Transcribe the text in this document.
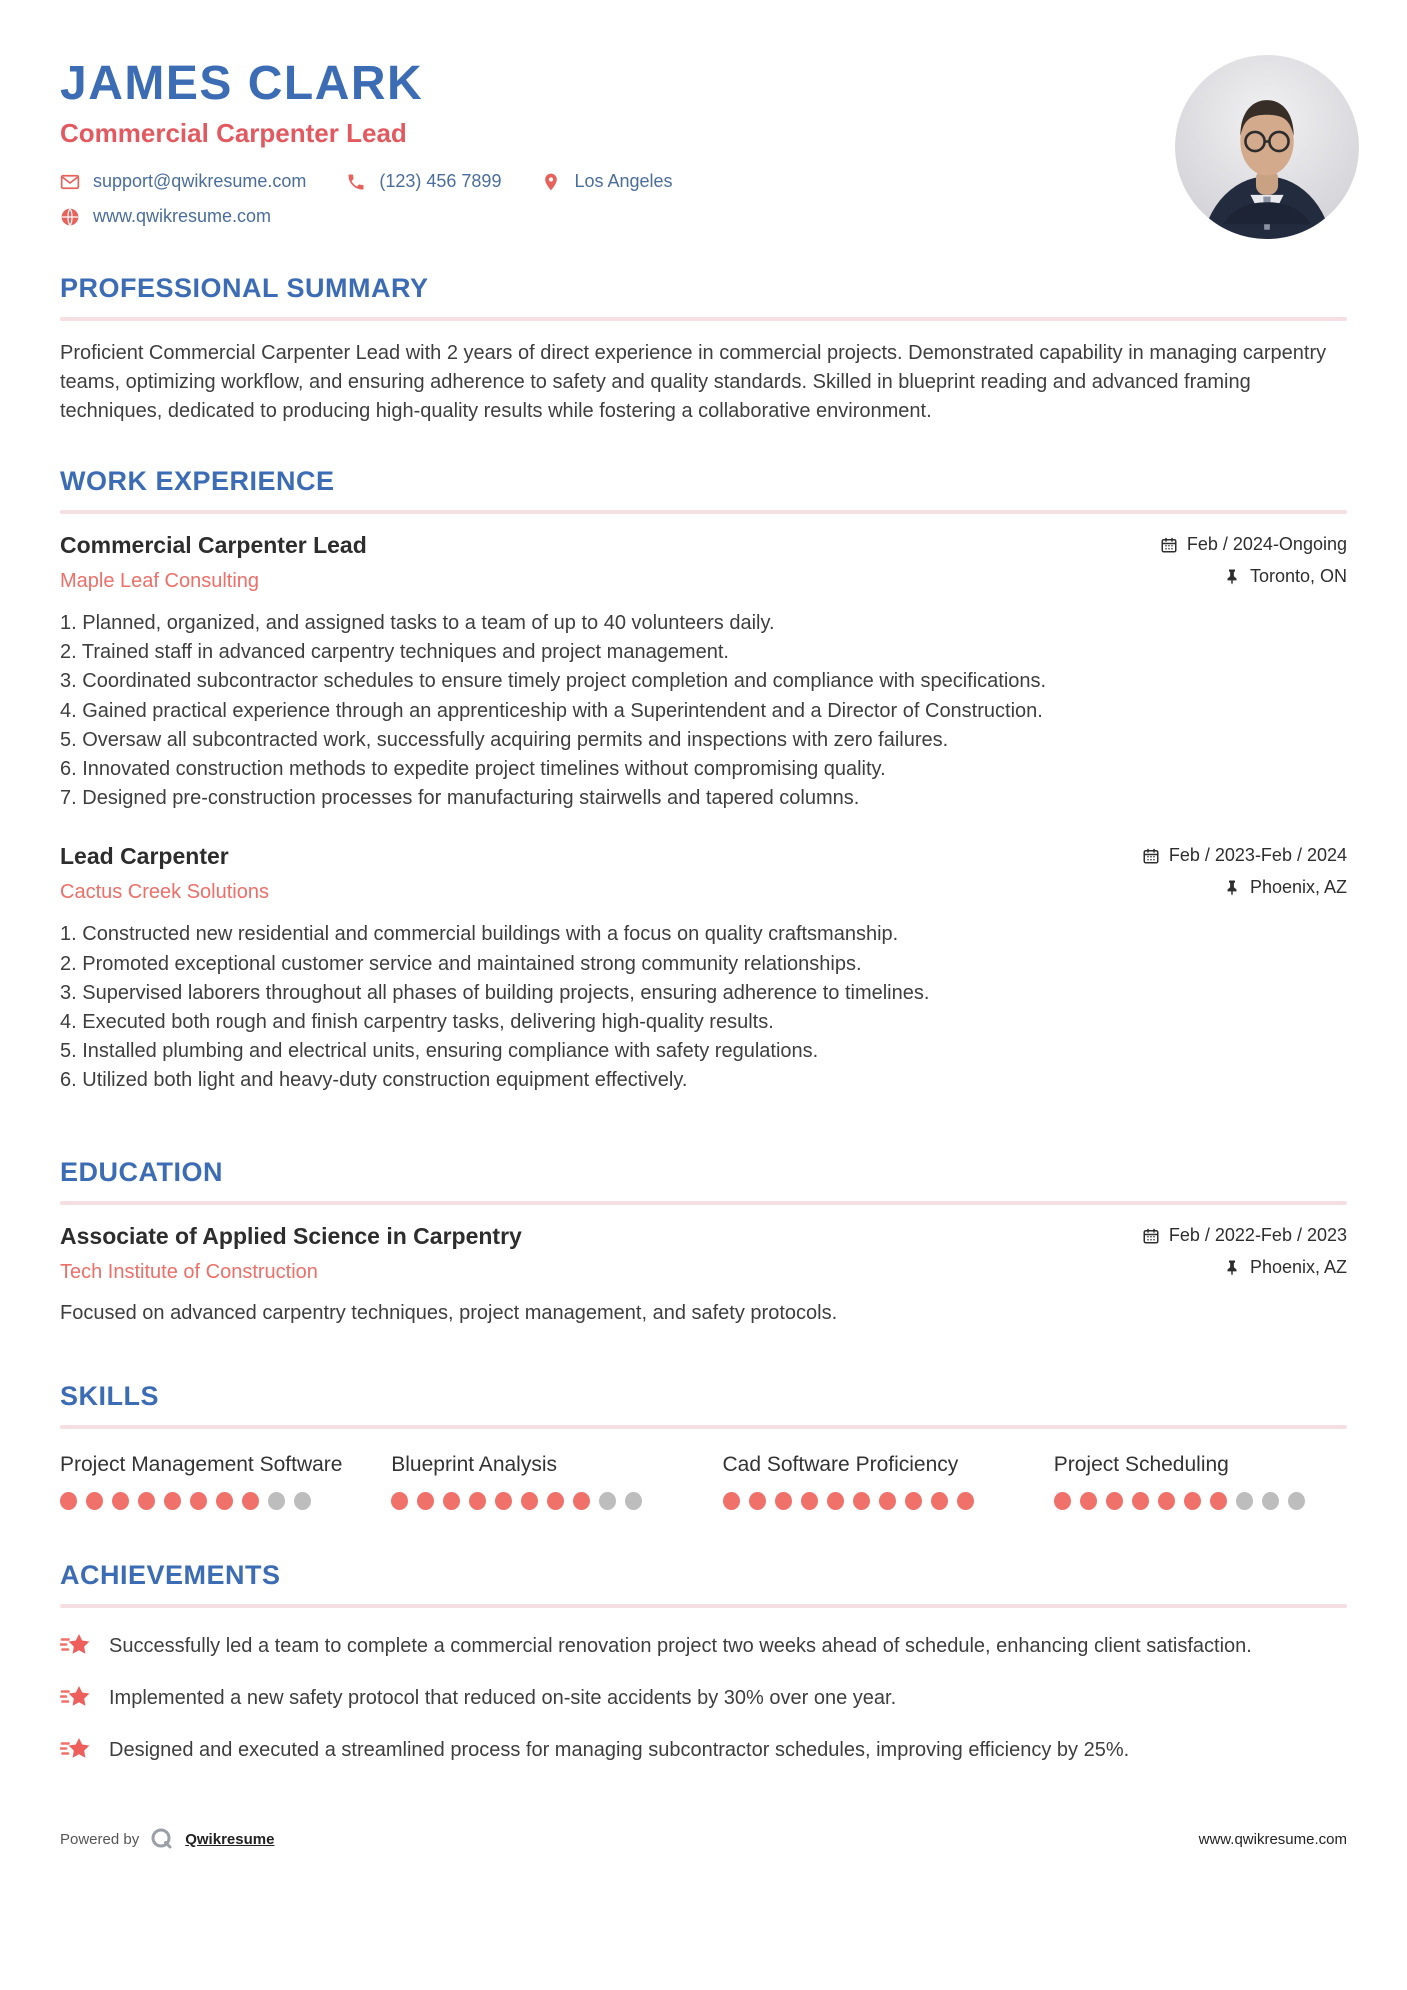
JAMES CLARK
Commercial Carpenter Lead
support@qwikresume.com	(123) 456 7899	Los Angeles
www.qwikresume.com
PROFESSIONAL SUMMARY

Proficient Commercial Carpenter Lead with 2 years of direct experience in commercial projects. Demonstrated capability in managing carpentry teams, optimizing workflow, and ensuring adherence to safety and quality standards. Skilled in blueprint reading and advanced framing techniques, dedicated to producing high-quality results while fostering a collaborative environment.

WORK EXPERIENCE
Commercial Carpenter Lead
Maple Leaf Consulting
Feb / 2024-Ongoing
Toronto, ON
Planned, organized, and assigned tasks to a team of up to 40 volunteers daily.
Trained staff in advanced carpentry techniques and project management.
Coordinated subcontractor schedules to ensure timely project completion and compliance with specifications.
Gained practical experience through an apprenticeship with a Superintendent and a Director of Construction.
Oversaw all subcontracted work, successfully acquiring permits and inspections with zero failures.
Innovated construction methods to expedite project timelines without compromising quality.
Designed pre-construction processes for manufacturing stairwells and tapered columns.
Lead Carpenter
Cactus Creek Solutions
Feb / 2023-Feb / 2024
Phoenix, AZ
Constructed new residential and commercial buildings with a focus on quality craftsmanship.
Promoted exceptional customer service and maintained strong community relationships.
Supervised laborers throughout all phases of building projects, ensuring adherence to timelines.
Executed both rough and finish carpentry tasks, delivering high-quality results.
Installed plumbing and electrical units, ensuring compliance with safety regulations.
Utilized both light and heavy-duty construction equipment effectively.
EDUCATION
Associate of Applied Science in Carpentry
Tech Institute of Construction
Feb / 2022-Feb / 2023
Phoenix, AZ

Focused on advanced carpentry techniques, project management, and safety protocols.

SKILLS
Project Management Software	Blueprint Analysis	Cad Software Proficiency	Project Scheduling
ACHIEVEMENTS
Successfully led a team to complete a commercial renovation project two weeks ahead of schedule, enhancing client satisfaction.
Implemented a new safety protocol that reduced on-site accidents by 30% over one year.
Designed and executed a streamlined process for managing subcontractor schedules, improving efficiency by 25%.
Powered by	Qwikresume	www.qwikresume.com
